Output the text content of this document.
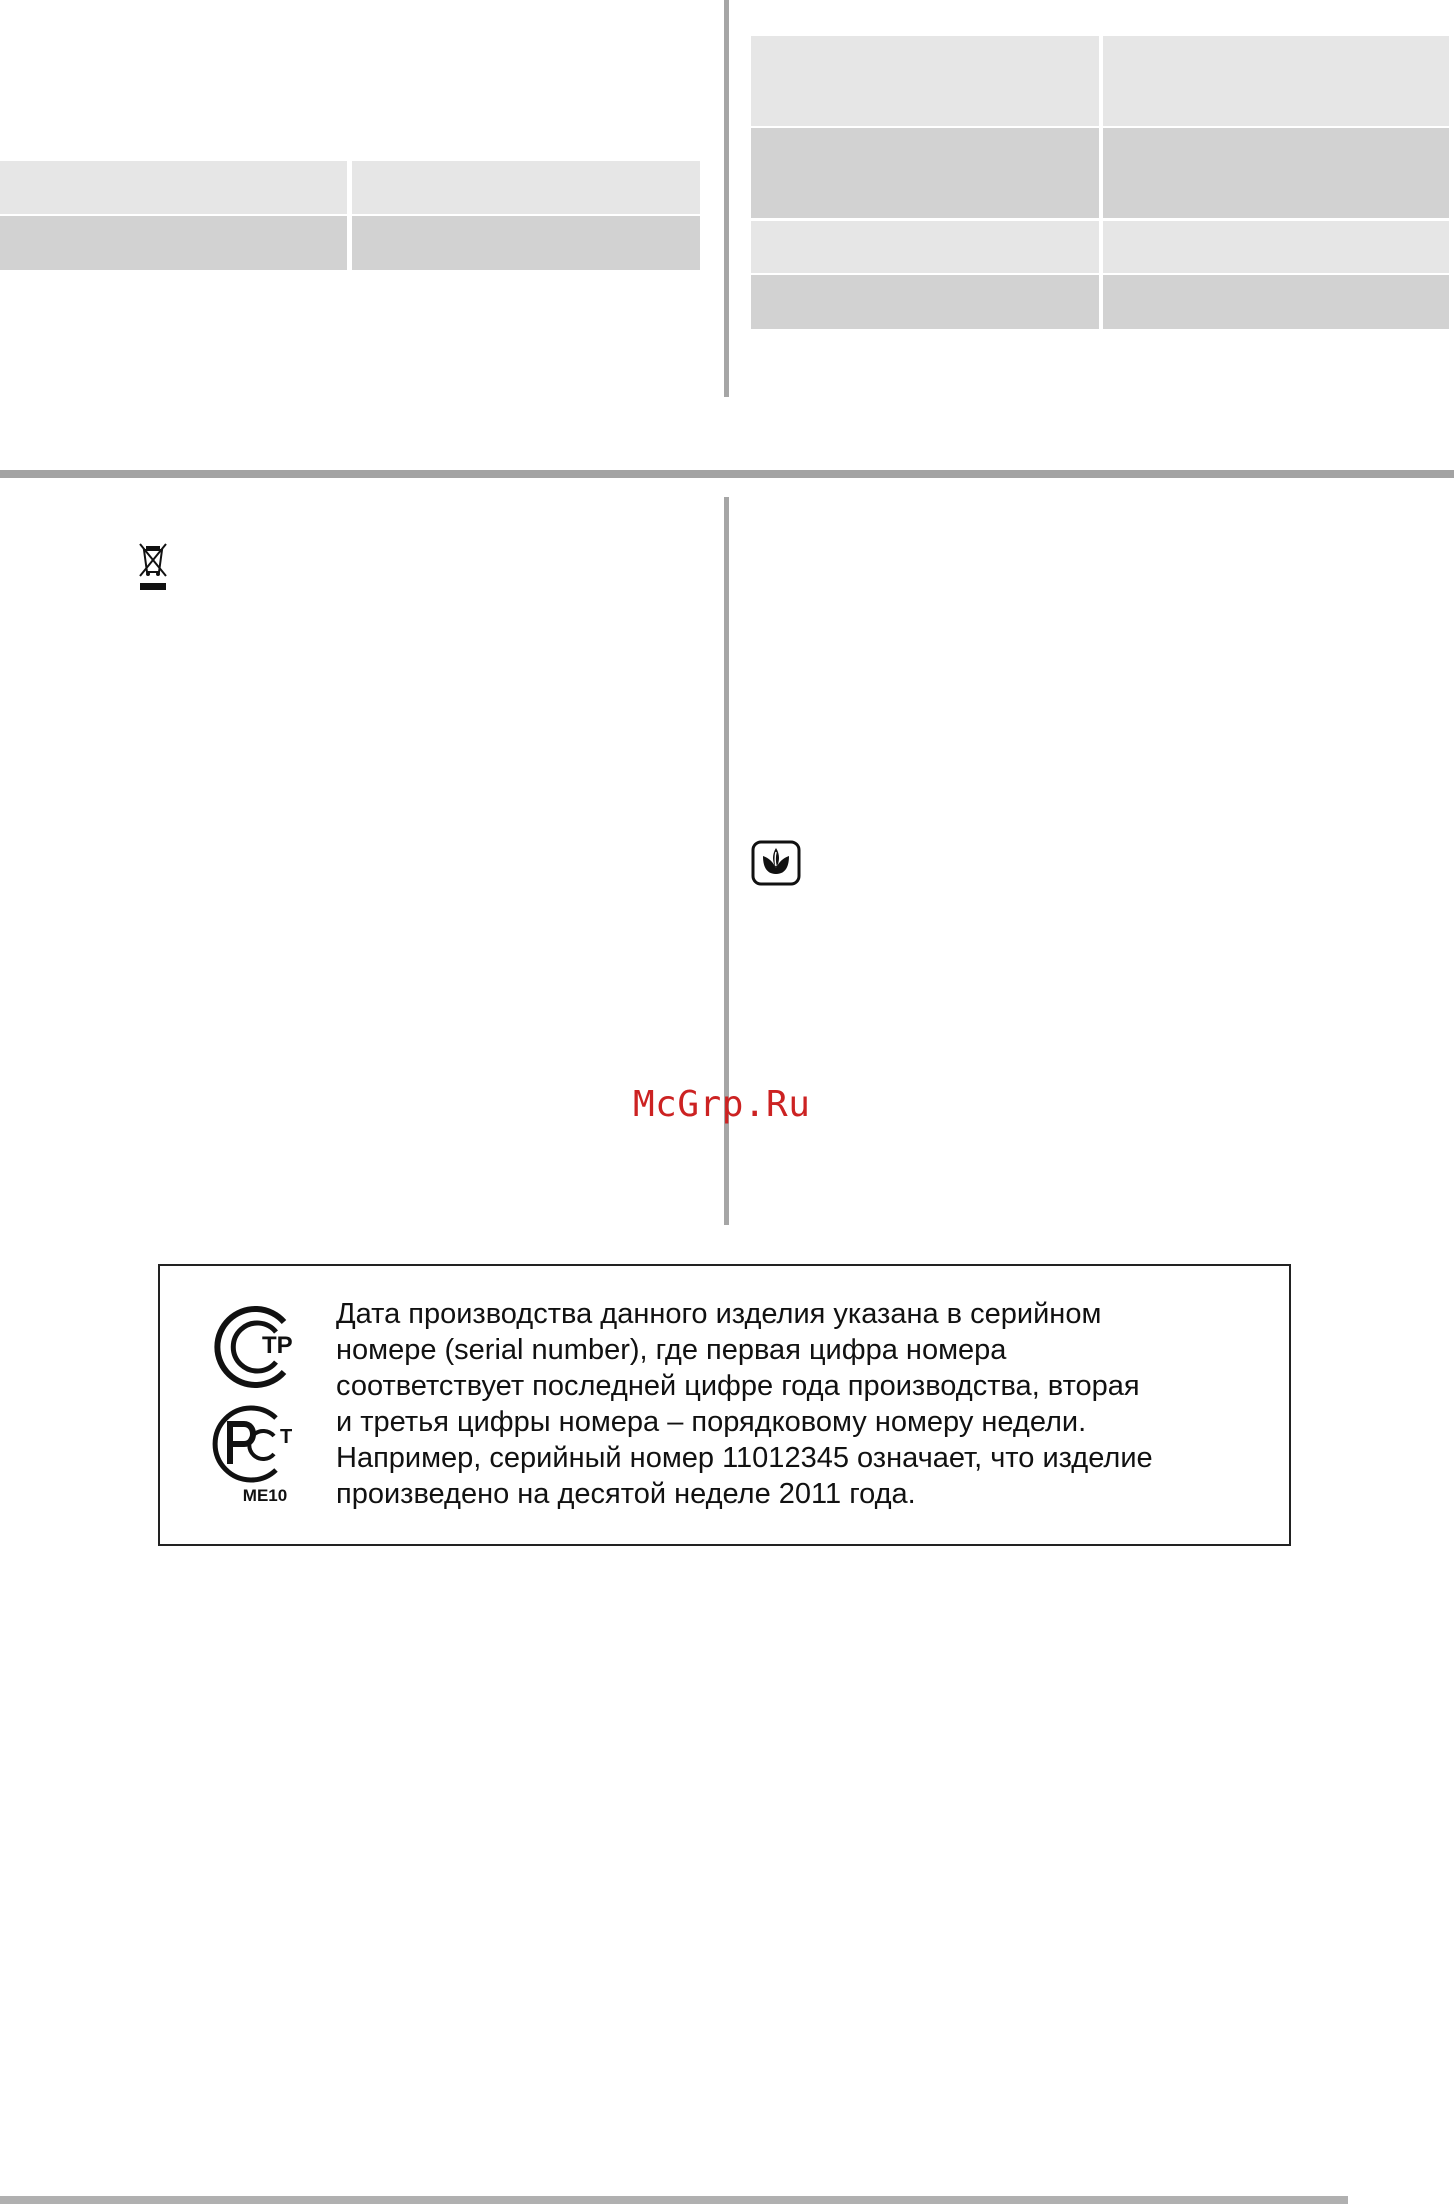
McGrp.Ru
ТР
Т
ME10

Дата производства данного изделия указана в серийном
номере (serial number), где первая цифра номера
соответствует последней цифре года производства, вторая
и третья цифры номера – порядковому номеру недели.
Например, серийный номер 11012345 означает, что изделие
произведено на десятой неделе 2011 года.
